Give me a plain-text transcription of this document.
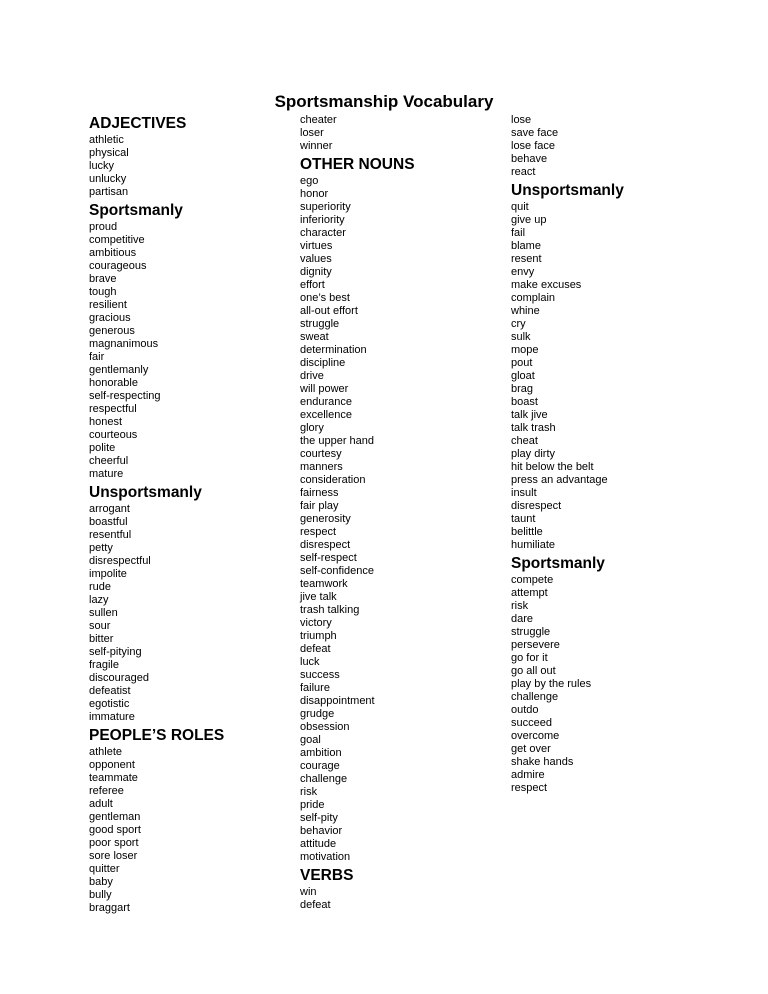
Sportsmanship Vocabulary
ADJECTIVES
athletic
physical
lucky
unlucky
partisan
Sportsmanly
proud
competitive
ambitious
courageous
brave
tough
resilient
gracious
generous
magnanimous
fair
gentlemanly
honorable
self-respecting
respectful
honest
courteous
polite
cheerful
mature
Unsportsmanly
arrogant
boastful
resentful
petty
disrespectful
impolite
rude
lazy
sullen
sour
bitter
self-pitying
fragile
discouraged
defeatist
egotistic
immature
PEOPLE’S ROLES
athlete
opponent
teammate
referee
adult
gentleman
good sport
poor sport
sore loser
quitter
baby
bully
braggart
cheater
loser
winner
OTHER NOUNS
ego
honor
superiority
inferiority
character
virtues
values
dignity
effort
one’s best
all-out effort
struggle
sweat
determination
discipline
drive
will power
endurance
excellence
glory
the upper hand
courtesy
manners
consideration
fairness
fair play
generosity
respect
disrespect
self-respect
self-confidence
teamwork
jive talk
trash talking
victory
triumph
defeat
luck
success
failure
disappointment
grudge
obsession
goal
ambition
courage
challenge
risk
pride
self-pity
behavior
attitude
motivation
VERBS
win
defeat
lose
save face
lose face
behave
react
Unsportsmanly
quit
give up
fail
blame
resent
envy
make excuses
complain
whine
cry
sulk
mope
pout
gloat
brag
boast
talk jive
talk trash
cheat
play dirty
hit below the belt
press an advantage
insult
disrespect
taunt
belittle
humiliate
Sportsmanly
compete
attempt
risk
dare
struggle
persevere
go for it
go all out
play by the rules
challenge
outdo
succeed
overcome
get over
shake hands
admire
respect
